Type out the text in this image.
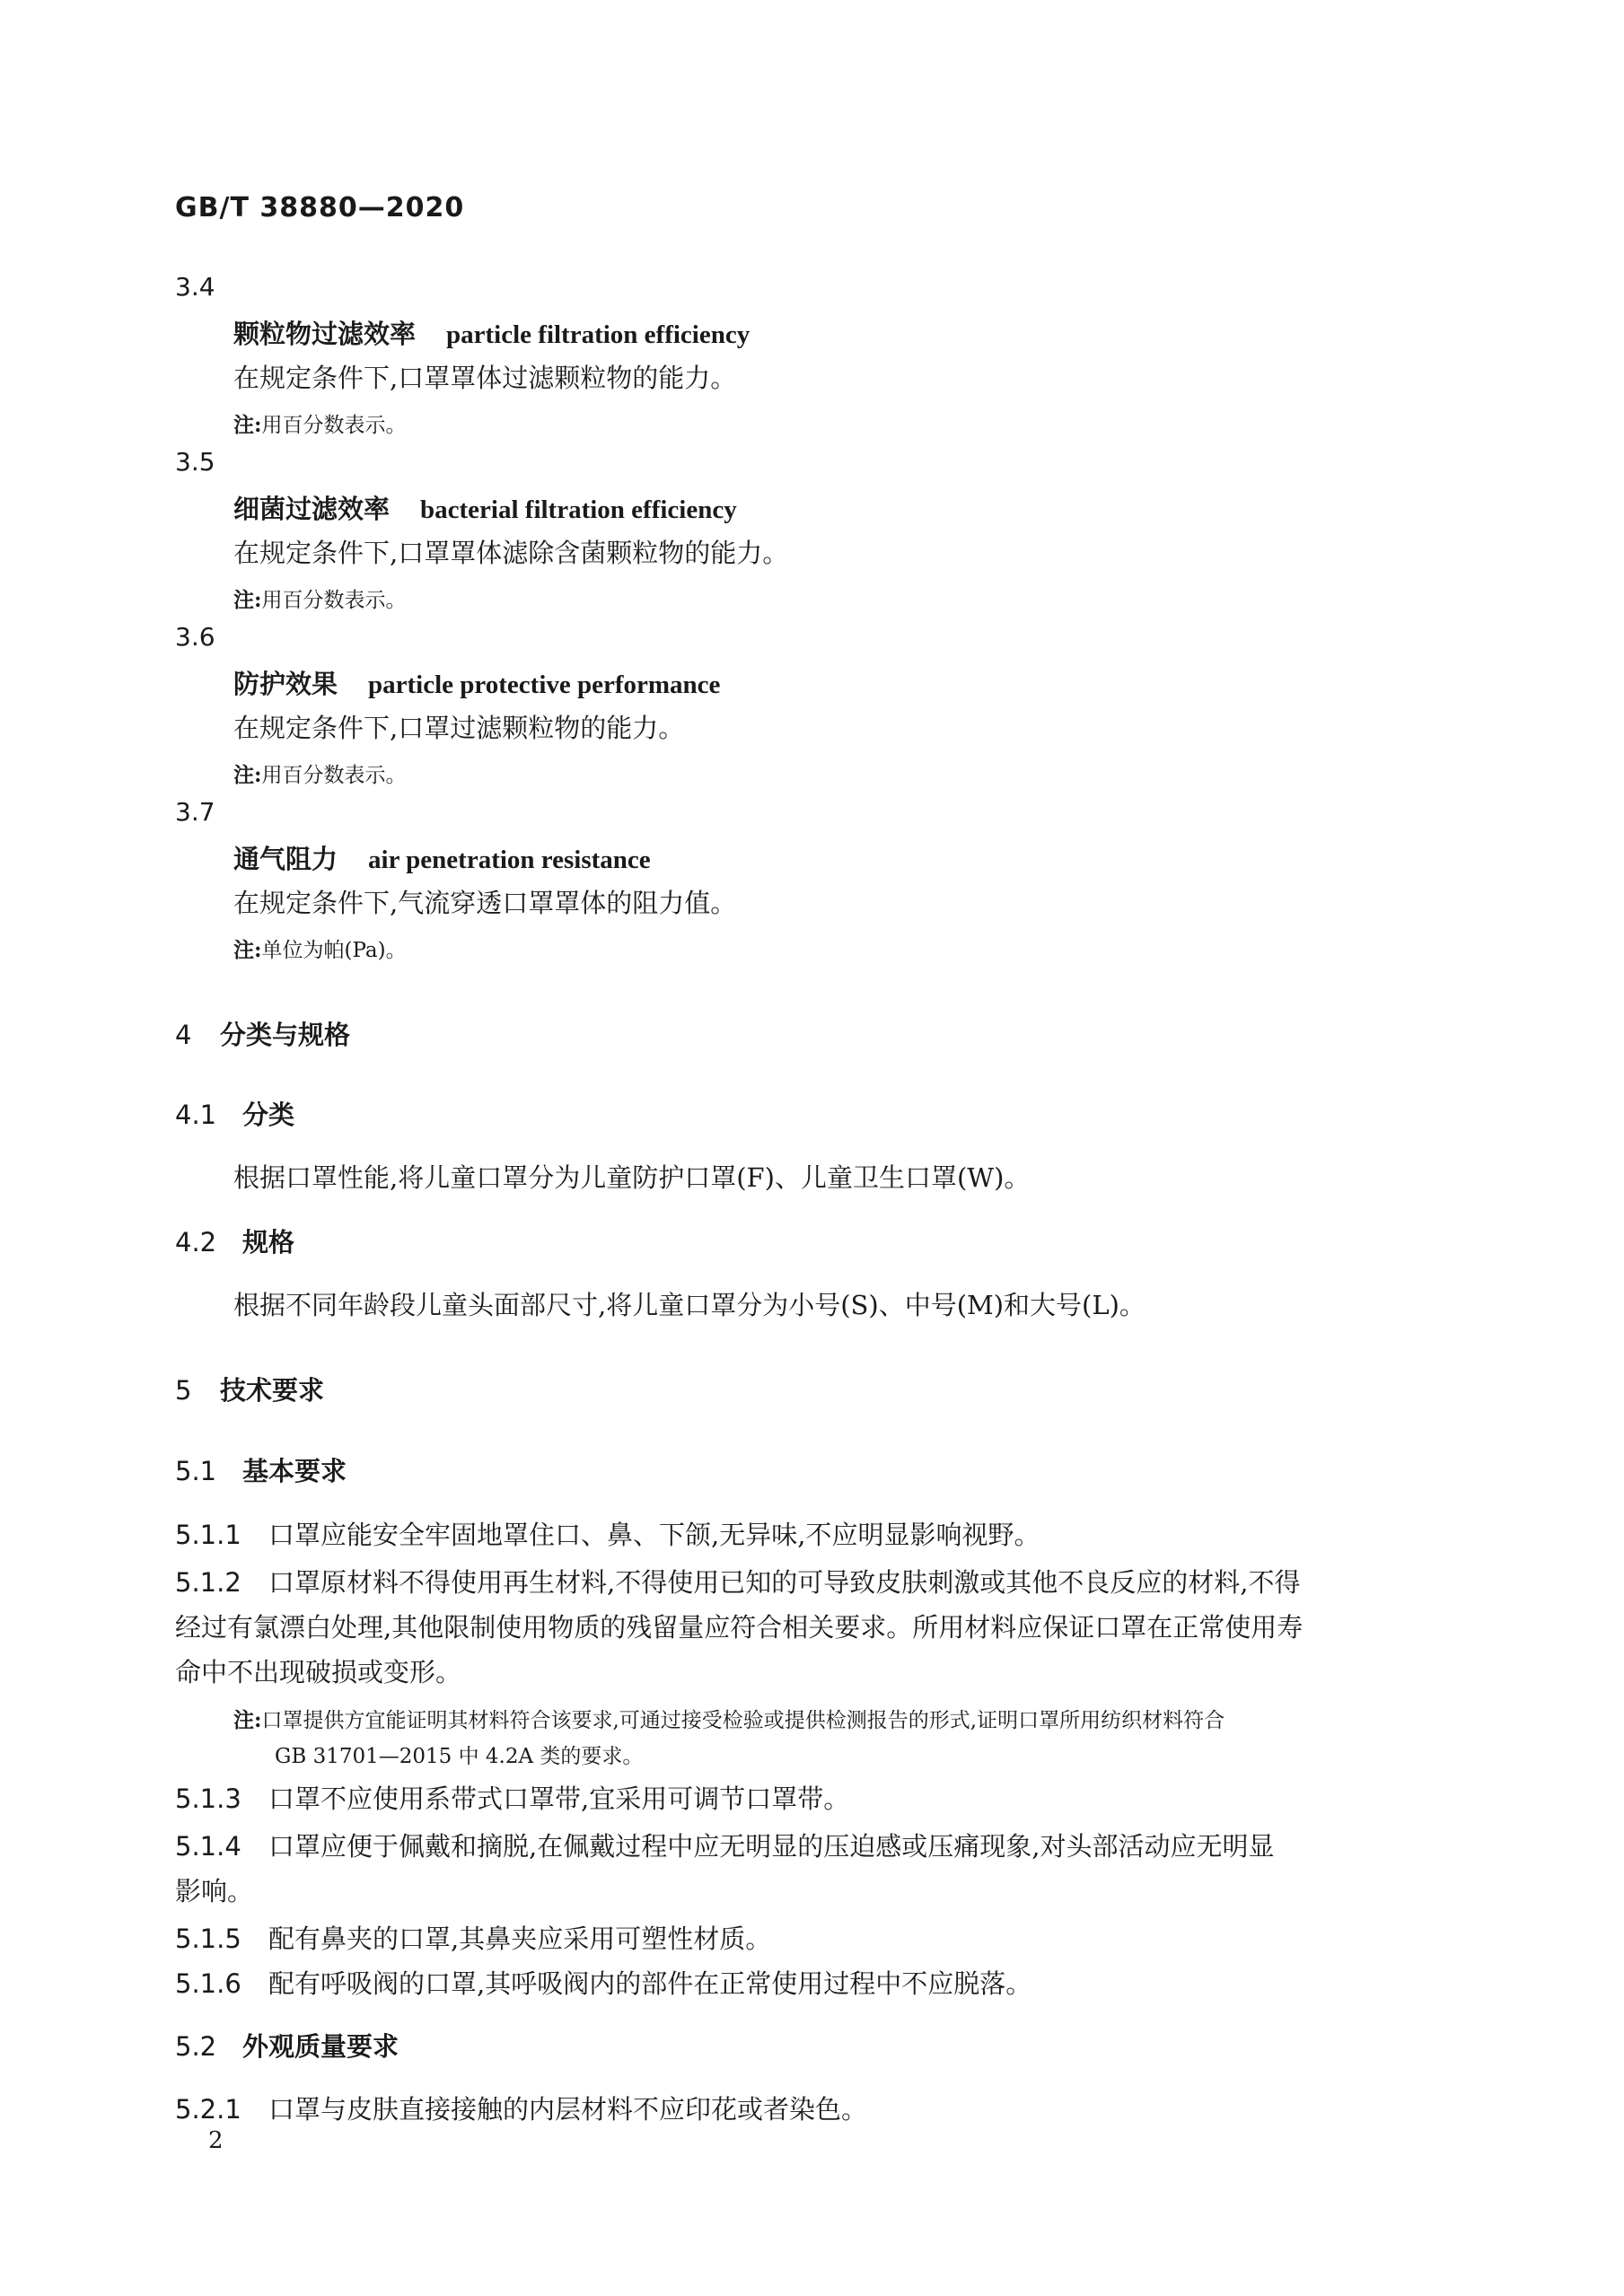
GB/T 38880—2020
3.4
颗粒物过滤效率 particle filtration efficiency
在规定条件下,口罩罩体过滤颗粒物的能力。
注:用百分数表示。
3.5
细菌过滤效率 bacterial filtration efficiency
在规定条件下,口罩罩体滤除含菌颗粒物的能力。
注:用百分数表示。
3.6
防护效果 particle protective performance
在规定条件下,口罩过滤颗粒物的能力。
注:用百分数表示。
3.7
通气阻力 air penetration resistance
在规定条件下,气流穿透口罩罩体的阻力值。
注:单位为帕(Pa)。
4 分类与规格
4.1 分类
根据口罩性能,将儿童口罩分为儿童防护口罩(F)、儿童卫生口罩(W)。
4.2 规格
根据不同年龄段儿童头面部尺寸,将儿童口罩分为小号(S)、中号(M)和大号(L)。
5 技术要求
5.1 基本要求
5.1.1 口罩应能安全牢固地罩住口、鼻、下颌,无异味,不应明显影响视野。
5.1.2 口罩原材料不得使用再生材料,不得使用已知的可导致皮肤刺激或其他不良反应的材料,不得
经过有氯漂白处理,其他限制使用物质的残留量应符合相关要求。所用材料应保证口罩在正常使用寿
命中不出现破损或变形。
注:口罩提供方宜能证明其材料符合该要求,可通过接受检验或提供检测报告的形式,证明口罩所用纺织材料符合
GB 31701—2015 中 4.2A 类的要求。
5.1.3 口罩不应使用系带式口罩带,宜采用可调节口罩带。
5.1.4 口罩应便于佩戴和摘脱,在佩戴过程中应无明显的压迫感或压痛现象,对头部活动应无明显
影响。
5.1.5 配有鼻夹的口罩,其鼻夹应采用可塑性材质。
5.1.6 配有呼吸阀的口罩,其呼吸阀内的部件在正常使用过程中不应脱落。
5.2 外观质量要求
5.2.1 口罩与皮肤直接接触的内层材料不应印花或者染色。
2
